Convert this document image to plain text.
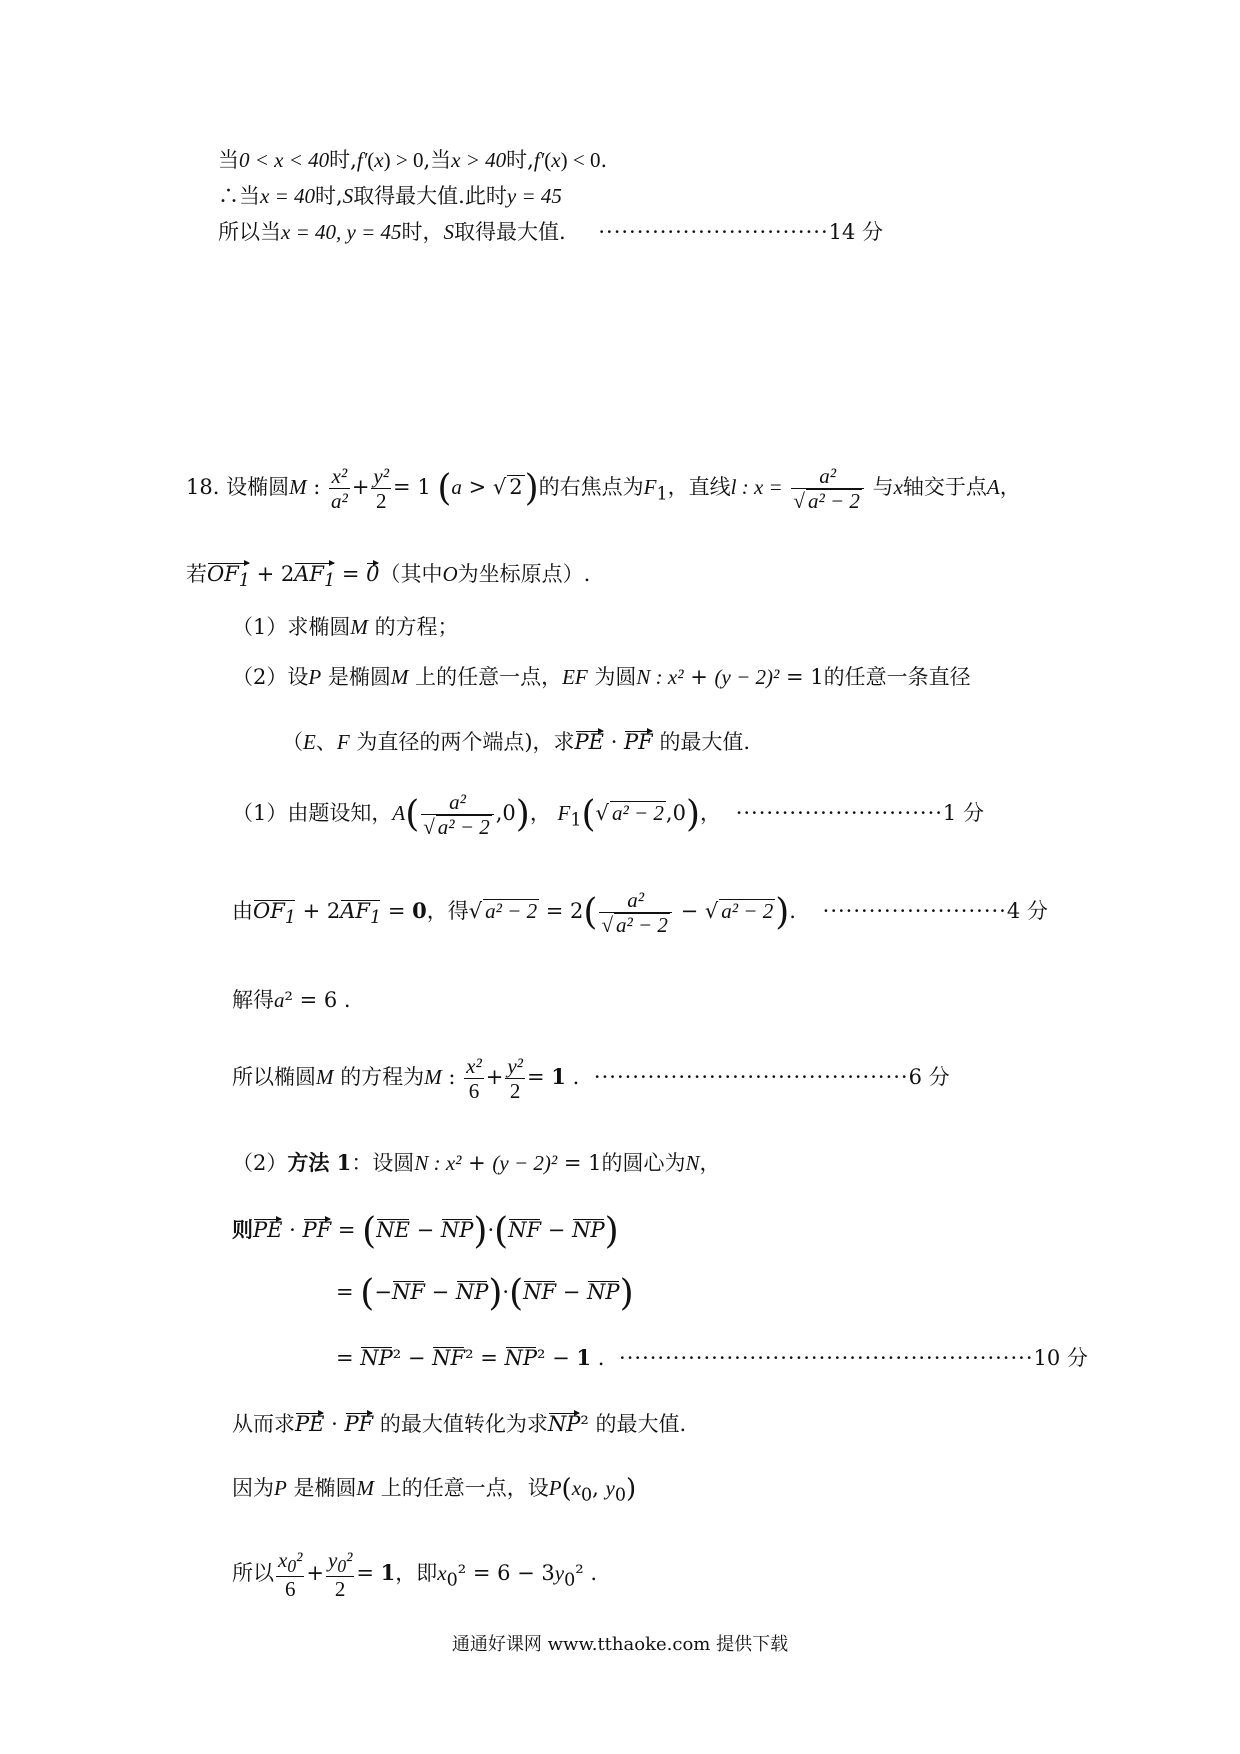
当0 < x < 40时,f′(x) > 0,当x > 40时,f′(x) < 0.
∴当x = 40时,S取得最大值.此时y = 45
所以当x = 40, y = 45时，S取得最大值. ······························14 分
18. 设椭圆M : $\frac{\text{x²}}{\text{a²}} + \frac{\text{y²}}{2} = 1$ (a > √ 2)的右焦点为$F_1$，直线l : $x = \frac{\text{a²}}{\text{√ a² − 2}}$ 与x轴交于点A，
若$OF_1 + 2AF_1 = 0$（其中O为坐标原点）.
（1）求椭圆M 的方程；
（2）设P 是椭圆M 上的任意一点，EF 为圆N : x² + (y − 2)² = 1的任意一条直径
（E、F 为直径的两个端点)，求PE · PF 的最大值.
（1）由题设知，$A( \frac{\text{a²}}{\text{√ a² − 2}} ,0)$， $F_1(√$ a² − 2,0)， ···························1 分
由$OF_1 + 2AF_1 = 0$，得√ $a^2 - 2 = 2( \frac{\text{a²}}{\text{√ a² − 2}}$ − √ a² − 2). ························4 分
解得a² = 6 .
所以椭圆M 的方程为M : $\frac{\text{x²}}{6} + \frac{\text{y²}}{2} = 1$ . ·········································6 分
（2）方法 1：设圆N : x² + (y − 2)² = 1的圆心为N，
则PE · PF = (NE − NP)·(NF − NP)
= (−NF − NP)·(NF − NP)
= NP² − NF² = NP² − 1 . ······················································10 分
从而求PE · PF 的最大值转化为求NP² 的最大值.
因为P 是椭圆M 上的任意一点，设$P(x_0$, $y_0$)
所以 $\frac{x_0^2}{6} + \frac{y_0^2}{2} = 1$，即$x_0^2 = 6 - 3y_0^2$ .
通通好课网 www.tthaoke.com 提供下载
